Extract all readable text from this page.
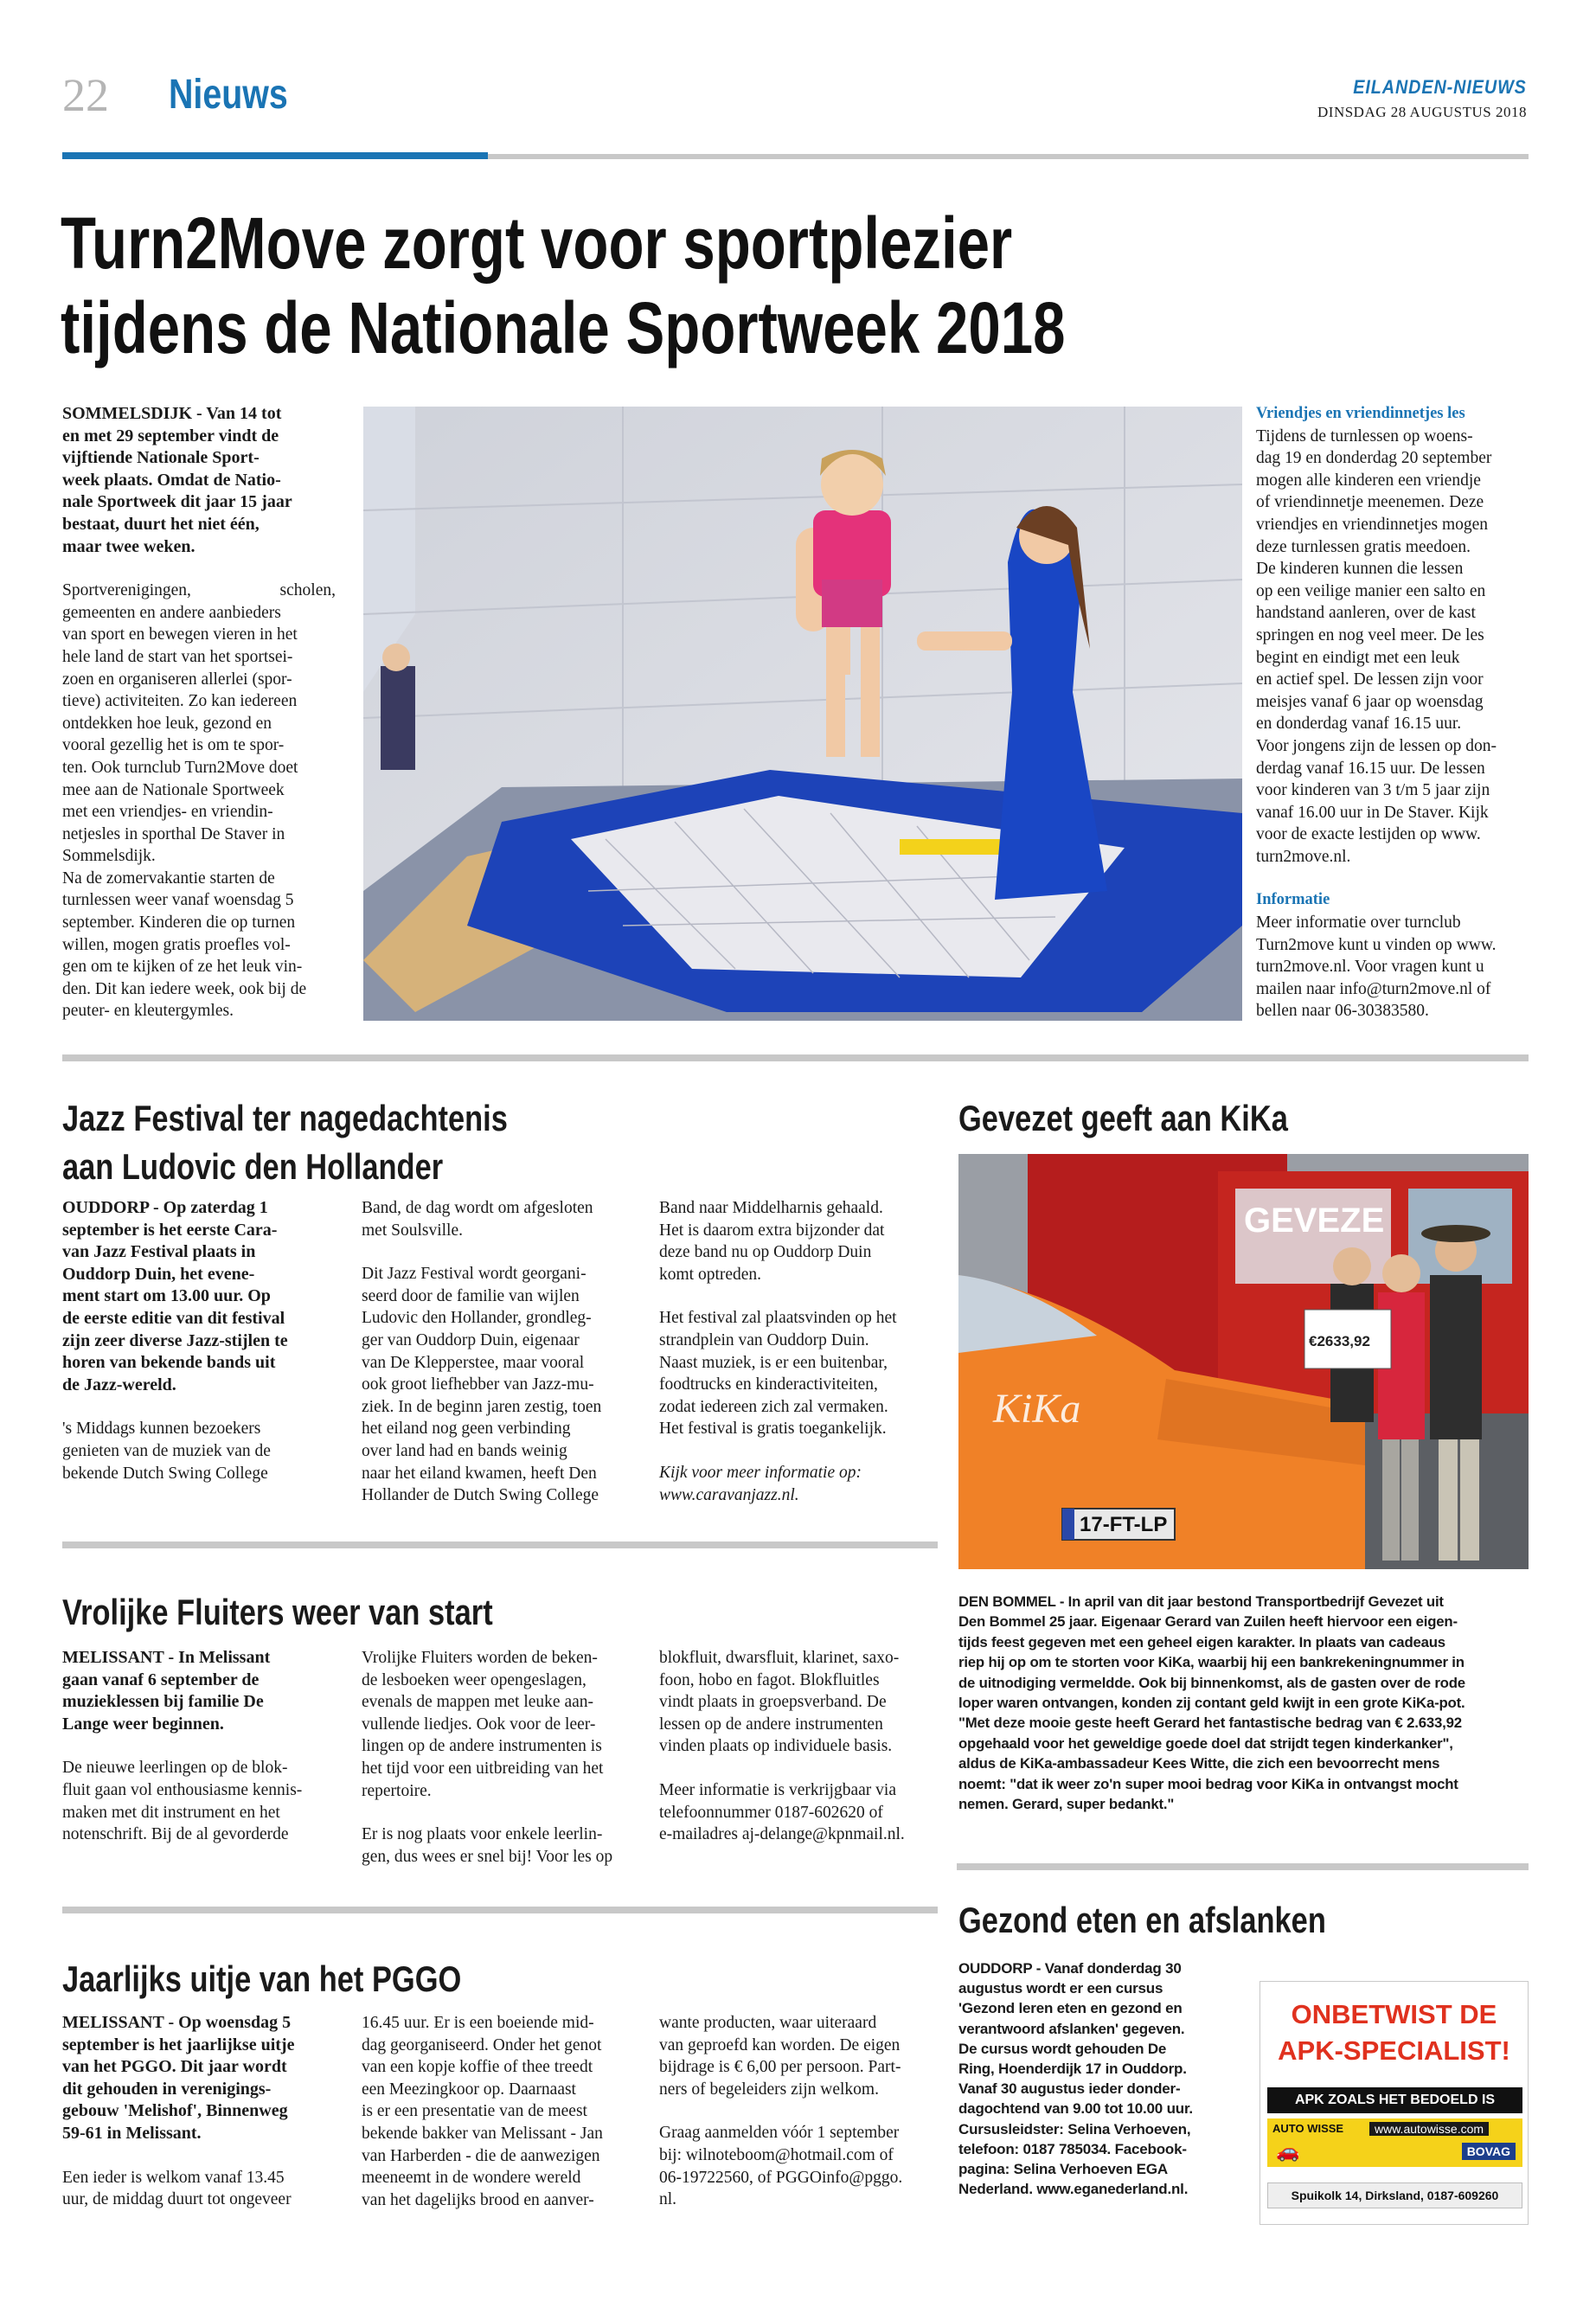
22 Nieuws	EILANDEN-NIEUWS
DINSDAG 28 AUGUSTUS 2018
Turn2Move zorgt voor sportplezier
tijdens de Nationale Sportweek 2018
SOMMELSDIJK - Van 14 tot
en met 29 september vindt de
vijftiende Nationale Sport-
week plaats. Omdat de Natio-
nale Sportweek dit jaar 15 jaar
bestaat, duurt het niet één,
maar twee weken.
Sportverenigingen, scholen,
gemeenten en andere aanbieders
van sport en bewegen vieren in het
hele land de start van het sportsei-
zoen en organiseren allerlei (spor-
tieve) activiteiten. Zo kan iedereen
ontdekken hoe leuk, gezond en
vooral gezellig het is om te spor-
ten. Ook turnclub Turn2Move doet
mee aan de Nationale Sportweek
met een vriendjes- en vriendin-
netjesles in sporthal De Staver in
Sommelsdijk.
Na de zomervakantie starten de
turnlessen weer vanaf woensdag 5
september. Kinderen die op turnen
willen, mogen gratis proefles vol-
gen om te kijken of ze het leuk vin-
den. Dit kan iedere week, ook bij de
peuter- en kleutergymles.
Vriendjes en vriendinnetjes les
Tijdens de turnlessen op woens-
dag 19 en donderdag 20 september
mogen alle kinderen een vriendje
of vriendinnetje meenemen. Deze
vriendjes en vriendinnetjes mogen
deze turnlessen gratis meedoen.
De kinderen kunnen die lessen
op een veilige manier een salto en
handstand aanleren, over de kast
springen en nog veel meer. De les
begint en eindigt met een leuk
en actief spel. De lessen zijn voor
meisjes vanaf 6 jaar op woensdag
en donderdag vanaf 16.15 uur.
Voor jongens zijn de lessen op don-
derdag vanaf 16.15 uur. De lessen
voor kinderen van 3 t/m 5 jaar zijn
vanaf 16.00 uur in De Staver. Kijk
voor de exacte lestijden op www.
turn2move.nl.
Informatie
Meer informatie over turnclub
Turn2move kunt u vinden op www.
turn2move.nl. Voor vragen kunt u
mailen naar info@turn2move.nl of
bellen naar 06-30383580.
Jazz Festival ter nagedachtenis
aan Ludovic den Hollander
OUDDORP - Op zaterdag 1
september is het eerste Cara-
van Jazz Festival plaats in
Ouddorp Duin, het evene-
ment start om 13.00 uur. Op
de eerste editie van dit festival
zijn zeer diverse Jazz-stijlen te
horen van bekende bands uit
de Jazz-wereld.
's Middags kunnen bezoekers
genieten van de muziek van de
bekende Dutch Swing College
Band, de dag wordt om afgesloten
met Soulsville.
Dit Jazz Festival wordt georgani-
seerd door de familie van wijlen
Ludovic den Hollander, grondleg-
ger van Ouddorp Duin, eigenaar
van De Klepperstee, maar vooral
ook groot liefhebber van Jazz-mu-
ziek. In de beginn jaren zestig, toen
het eiland nog geen verbinding
over land had en bands weinig
naar het eiland kwamen, heeft Den
Hollander de Dutch Swing College
Band naar Middelharnis gehaald.
Het is daarom extra bijzonder dat
deze band nu op Ouddorp Duin
komt optreden.
Het festival zal plaatsvinden op het
strandplein van Ouddorp Duin.
Naast muziek, is er een buitenbar,
foodtrucks en kinderactiviteiten,
zodat iedereen zich zal vermaken.
Het festival is gratis toegankelijk.
Kijk voor meer informatie op:
www.caravanjazz.nl.
Gevezet geeft aan KiKa
GEVEZE
17-FT-LP
KiKa
€2633,92
DEN BOMMEL - In april van dit jaar bestond Transportbedrijf Gevezet uit
Den Bommel 25 jaar. Eigenaar Gerard van Zuilen heeft hiervoor een eigen-
tijds feest gegeven met een geheel eigen karakter. In plaats van cadeaus
riep hij op om te storten voor KiKa, waarbij hij een bankrekeningnummer in
de uitnodiging vermeldde. Ook bij binnenkomst, als de gasten over de rode
loper waren ontvangen, konden zij contant geld kwijt in een grote KiKa-pot.
"Met deze mooie geste heeft Gerard het fantastische bedrag van € 2.633,92
opgehaald voor het geweldige goede doel dat strijdt tegen kinderkanker",
aldus de KiKa-ambassadeur Kees Witte, die zich een bevoorrecht mens
noemt: "dat ik weer zo'n super mooi bedrag voor KiKa in ontvangst mocht
nemen. Gerard, super bedankt."
Vrolijke Fluiters weer van start
MELISSANT - In Melissant
gaan vanaf 6 september de
muzieklessen bij familie De
Lange weer beginnen.
De nieuwe leerlingen op de blok-
fluit gaan vol enthousiasme kennis-
maken met dit instrument en het
notenschrift. Bij de al gevorderde
Vrolijke Fluiters worden de beken-
de lesboeken weer opengeslagen,
evenals de mappen met leuke aan-
vullende liedjes. Ook voor de leer-
lingen op de andere instrumenten is
het tijd voor een uitbreiding van het
repertoire.
Er is nog plaats voor enkele leerlin-
gen, dus wees er snel bij! Voor les op
blokfluit, dwarsfluit, klarinet, saxo-
foon, hobo en fagot. Blokfluitles
vindt plaats in groepsverband. De
lessen op de andere instrumenten
vinden plaats op individuele basis.
Meer informatie is verkrijgbaar via
telefoonnummer 0187-602620 of
e-mailadres aj-delange@kpnmail.nl.
Jaarlijks uitje van het PGGO
MELISSANT - Op woensdag 5
september is het jaarlijkse uitje
van het PGGO. Dit jaar wordt
dit gehouden in verenigings-
gebouw 'Melishof', Binnenweg
59-61 in Melissant.
Een ieder is welkom vanaf 13.45
uur, de middag duurt tot ongeveer
16.45 uur. Er is een boeiende mid-
dag georganiseerd. Onder het genot
van een kopje koffie of thee treedt
een Meezingkoor op. Daarnaast
is er een presentatie van de meest
bekende bakker van Melissant - Jan
van Harberden - die de aanwezigen
meeneemt in de wondere wereld
van het dagelijks brood en aanver-
wante producten, waar uiteraard
van geproefd kan worden. De eigen
bijdrage is € 6,00 per persoon. Part-
ners of begeleiders zijn welkom.
Graag aanmelden vóór 1 september
bij: wilnoteboom@hotmail.com of
06-19722560, of PGGOinfo@pggo.
nl.
Gezond eten en afslanken
OUDDORP - Vanaf donderdag 30
augustus wordt er een cursus
'Gezond leren eten en gezond en
verantwoord afslanken' gegeven.
De cursus wordt gehouden De
Ring, Hoenderdijk 17 in Ouddorp.
Vanaf 30 augustus ieder donder-
dagochtend van 9.00 tot 10.00 uur.
Cursusleidster: Selina Verhoeven,
telefoon: 0187 785034. Facebook-
pagina: Selina Verhoeven EGA
Nederland. www.eganederland.nl.
ONBETWIST DE
APK-SPECIALIST!
APK ZOALS HET BEDOELD IS
AUTO WISSE	www.autowisse.com
🚗	BOVAG
Spuikolk 14, Dirksland, 0187-609260
